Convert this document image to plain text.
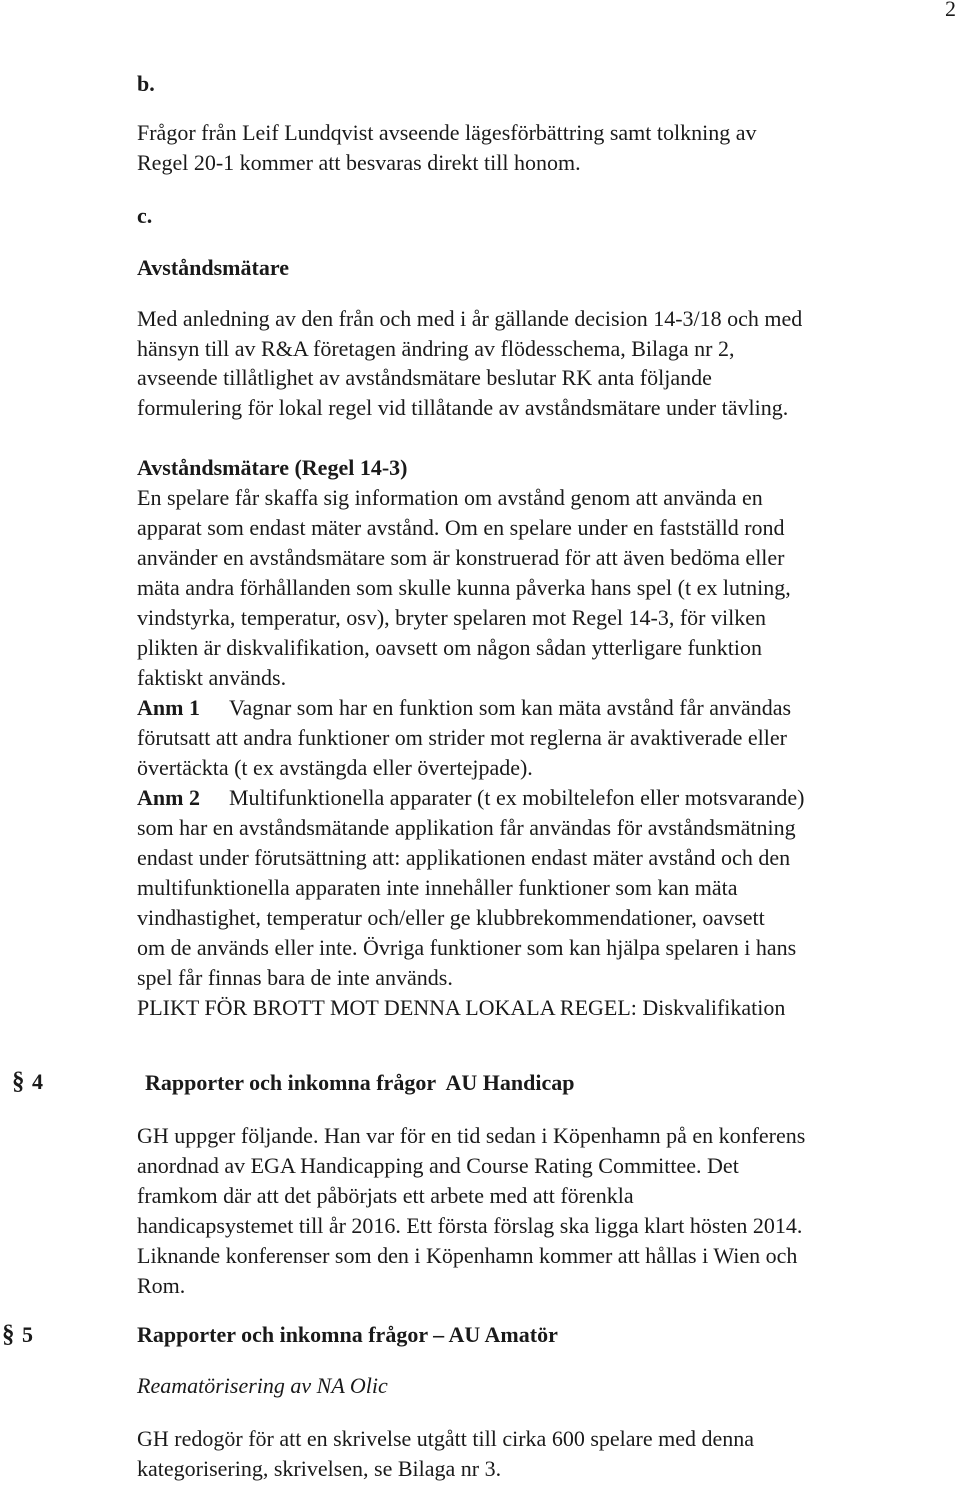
2
b.
Frågor från Leif Lundqvist avseende lägesförbättring samt tolkning av
Regel 20-1 kommer att besvaras direkt till honom.
c.
Avståndsmätare
Med anledning av den från och med i år gällande decision 14-3/18 och med
hänsyn till av R&A företagen ändring av flödesschema, Bilaga nr 2,
avseende tillåtlighet av avståndsmätare beslutar RK anta följande
formulering för lokal regel vid tillåtande av avståndsmätare under tävling.
Avståndsmätare (Regel 14-3)
En spelare får skaffa sig information om avstånd genom att använda en
apparat som endast mäter avstånd. Om en spelare under en fastställd rond
använder en avståndsmätare som är konstruerad för att även bedöma eller
mäta andra förhållanden som skulle kunna påverka hans spel (t ex lutning,
vindstyrka, temperatur, osv), bryter spelaren mot Regel 14-3, för vilken
plikten är diskvalifikation, oavsett om någon sådan ytterligare funktion
faktiskt används.
Anm 1 Vagnar som har en funktion som kan mäta avstånd får användas
förutsatt att andra funktioner om strider mot reglerna är avaktiverade eller
övertäckta (t ex avstängda eller övertejpade).
Anm 2 Multifunktionella apparater (t ex mobiltelefon eller motsvarande)
som har en avståndsmätande applikation får användas för avståndsmätning
endast under förutsättning att: applikationen endast mäter avstånd och den
multifunktionella apparaten inte innehåller funktioner som kan mäta
vindhastighet, temperatur och/eller ge klubbrekommendationer, oavsett
om de används eller inte. Övriga funktioner som kan hjälpa spelaren i hans
spel får finnas bara de inte används.
PLIKT FÖR BROTT MOT DENNA LOKALA REGEL: Diskvalifikation
§ 4	Rapporter och inkomna frågor  AU Handicap
GH uppger följande. Han var för en tid sedan i Köpenhamn på en konferens
anordnad av EGA Handicapping and Course Rating Committee. Det
framkom där att det påbörjats ett arbete med att förenkla
handicapsystemet till år 2016. Ett första förslag ska ligga klart hösten 2014.
Liknande konferenser som den i Köpenhamn kommer att hållas i Wien och
Rom.
§ 5	Rapporter och inkomna frågor – AU Amatör
Reamatörisering av NA Olic
GH redogör för att en skrivelse utgått till cirka 600 spelare med denna
kategorisering, skrivelsen, se Bilaga nr 3.
